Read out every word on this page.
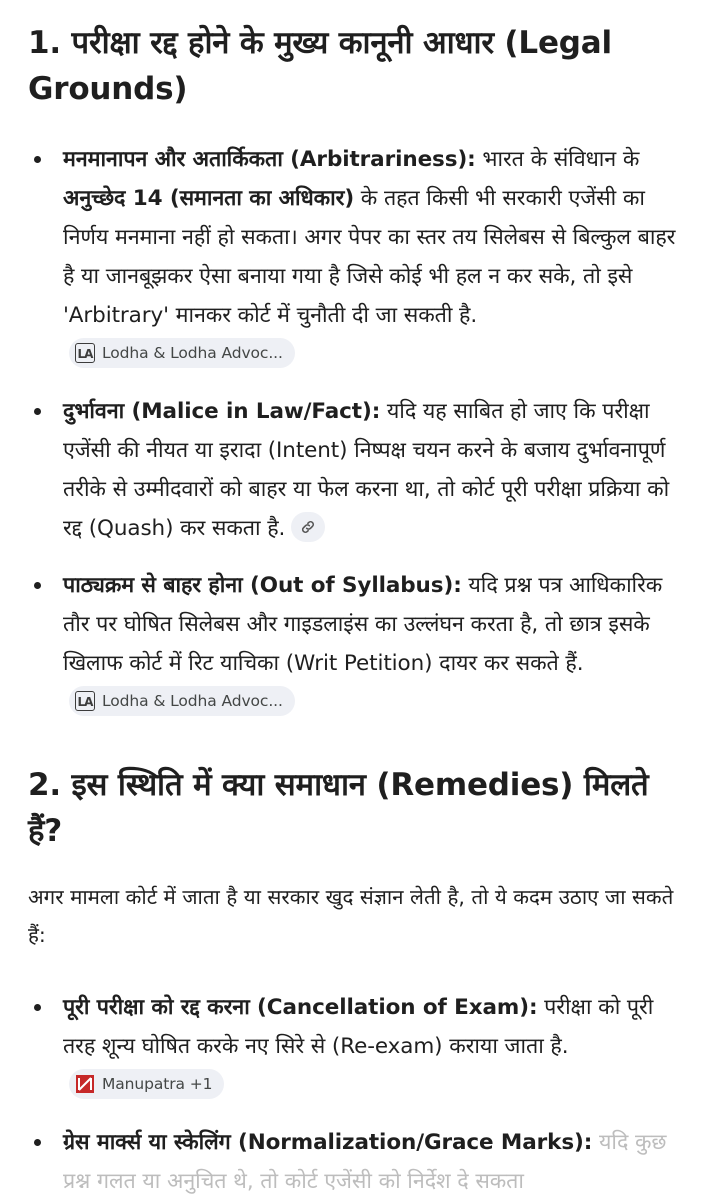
1. परीक्षा रद्द होने के मुख्य कानूनी आधार (Legal Grounds)
मनमानापन और अतार्किकता (Arbitrariness): भारत के संविधान के अनुच्छेद 14 (समानता का अधिकार) के तहत किसी भी सरकारी एजेंसी का निर्णय मनमाना नहीं हो सकता। अगर पेपर का स्तर तय सिलेबस से बिल्कुल बाहर है या जानबूझकर ऐसा बनाया गया है जिसे कोई भी हल न कर सके, तो इसे 'Arbitrary' मानकर कोर्ट में चुनौती दी जा सकती है.
LA Lodha & Lodha Advoc...
दुर्भावना (Malice in Law/Fact): यदि यह साबित हो जाए कि परीक्षा एजेंसी की नीयत या इरादा (Intent) निष्पक्ष चयन करने के बजाय दुर्भावनापूर्ण तरीके से उम्मीदवारों को बाहर या फेल करना था, तो कोर्ट पूरी परीक्षा प्रक्रिया को रद्द (Quash) कर सकता है.
पाठ्यक्रम से बाहर होना (Out of Syllabus): यदि प्रश्न पत्र आधिकारिक तौर पर घोषित सिलेबस और गाइडलाइंस का उल्लंघन करता है, तो छात्र इसके खिलाफ कोर्ट में रिट याचिका (Writ Petition) दायर कर सकते हैं.
LA Lodha & Lodha Advoc...
2. इस स्थिति में क्या समाधान (Remedies) मिलते हैं?
अगर मामला कोर्ट में जाता है या सरकार खुद संज्ञान लेती है, तो ये कदम उठाए जा सकते हैं:
पूरी परीक्षा को रद्द करना (Cancellation of Exam): परीक्षा को पूरी तरह शून्य घोषित करके नए सिरे से (Re-exam) कराया जाता है.
Manupatra +1
ग्रेस मार्क्स या स्केलिंग (Normalization/Grace Marks): यदि कुछ प्रश्न गलत या अनुचित थे, तो कोर्ट एजेंसी को निर्देश दे सकता
